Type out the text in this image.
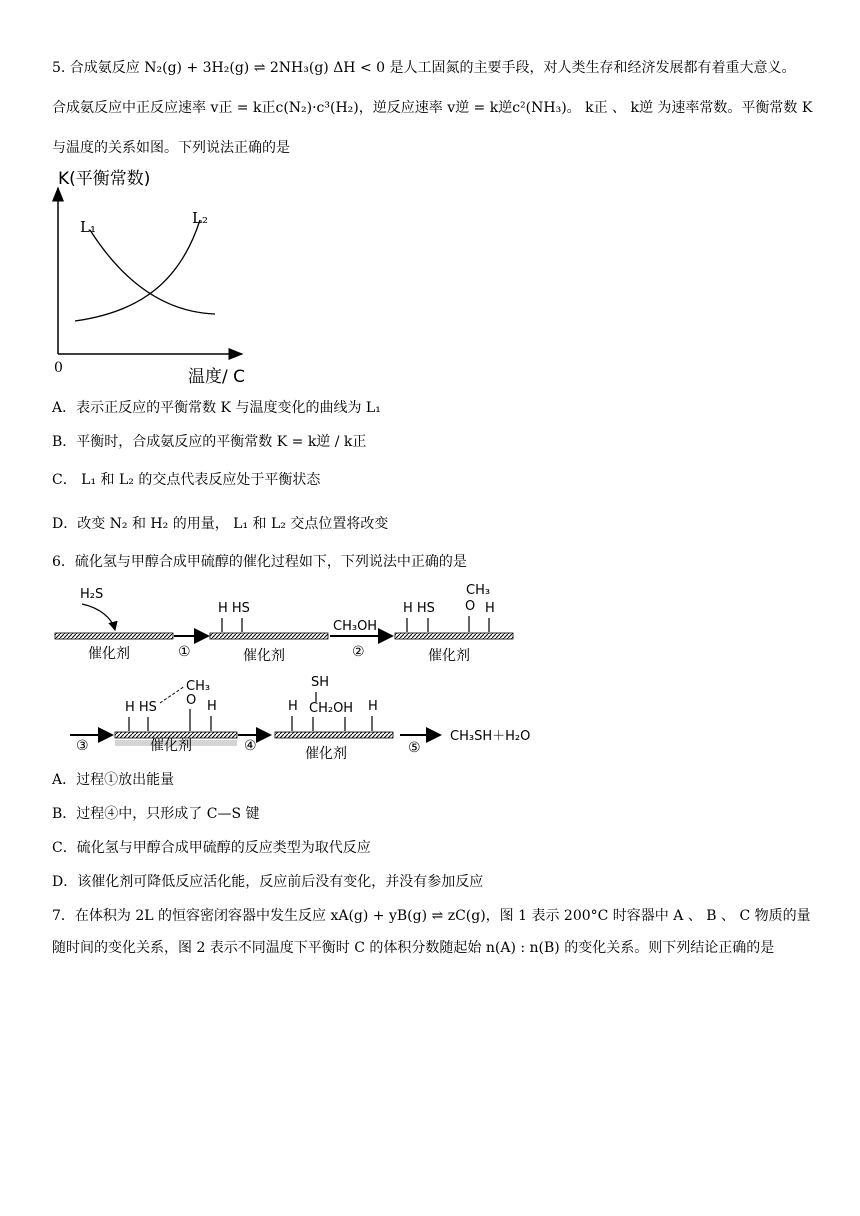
5. 合成氨反应 N₂(g) + 3H₂(g) ⇌ 2NH₃(g) ΔH < 0 是人工固氮的主要手段，对人类生存和经济发展都有着重大意义。
合成氨反应中正反应速率 v正 = k正c(N₂)·c³(H₂)，逆反应速率 v逆 = k逆c²(NH₃)。 k正 、 k逆 为速率常数。平衡常数 K
与温度的关系如图。下列说法正确的是
K(平衡常数)
温度/ C
0
L₁	L₂
A．表示正反应的平衡常数 K 与温度变化的曲线为 L₁
B．平衡时，合成氨反应的平衡常数 K = k逆 / k正
C． L₁ 和 L₂ 的交点代表反应处于平衡状态
D．改变 N₂ 和 H₂ 的用量， L₁ 和 L₂ 交点位置将改变
6．硫化氢与甲醇合成甲硫醇的催化过程如下，下列说法中正确的是
催化剂
H₂S
①	催化剂
H HS
CH₃OH
②	催化剂
H HS
CH₃
O H
③	催化剂
H HS
CH₃
O H
④	催化剂
SH
H CH₂OH H
⑤
CH₃SH＋H₂O
A．过程①放出能量
B．过程④中，只形成了 C—S 键
C．硫化氢与甲醇合成甲硫醇的反应类型为取代反应
D．该催化剂可降低反应活化能，反应前后没有变化，并没有参加反应
7．在体积为 2L 的恒容密闭容器中发生反应 xA(g) + yB(g) ⇌ zC(g)，图 1 表示 200°C 时容器中 A 、 B 、 C 物质的量
随时间的变化关系，图 2 表示不同温度下平衡时 C 的体积分数随起始 n(A) : n(B) 的变化关系。则下列结论正确的是
